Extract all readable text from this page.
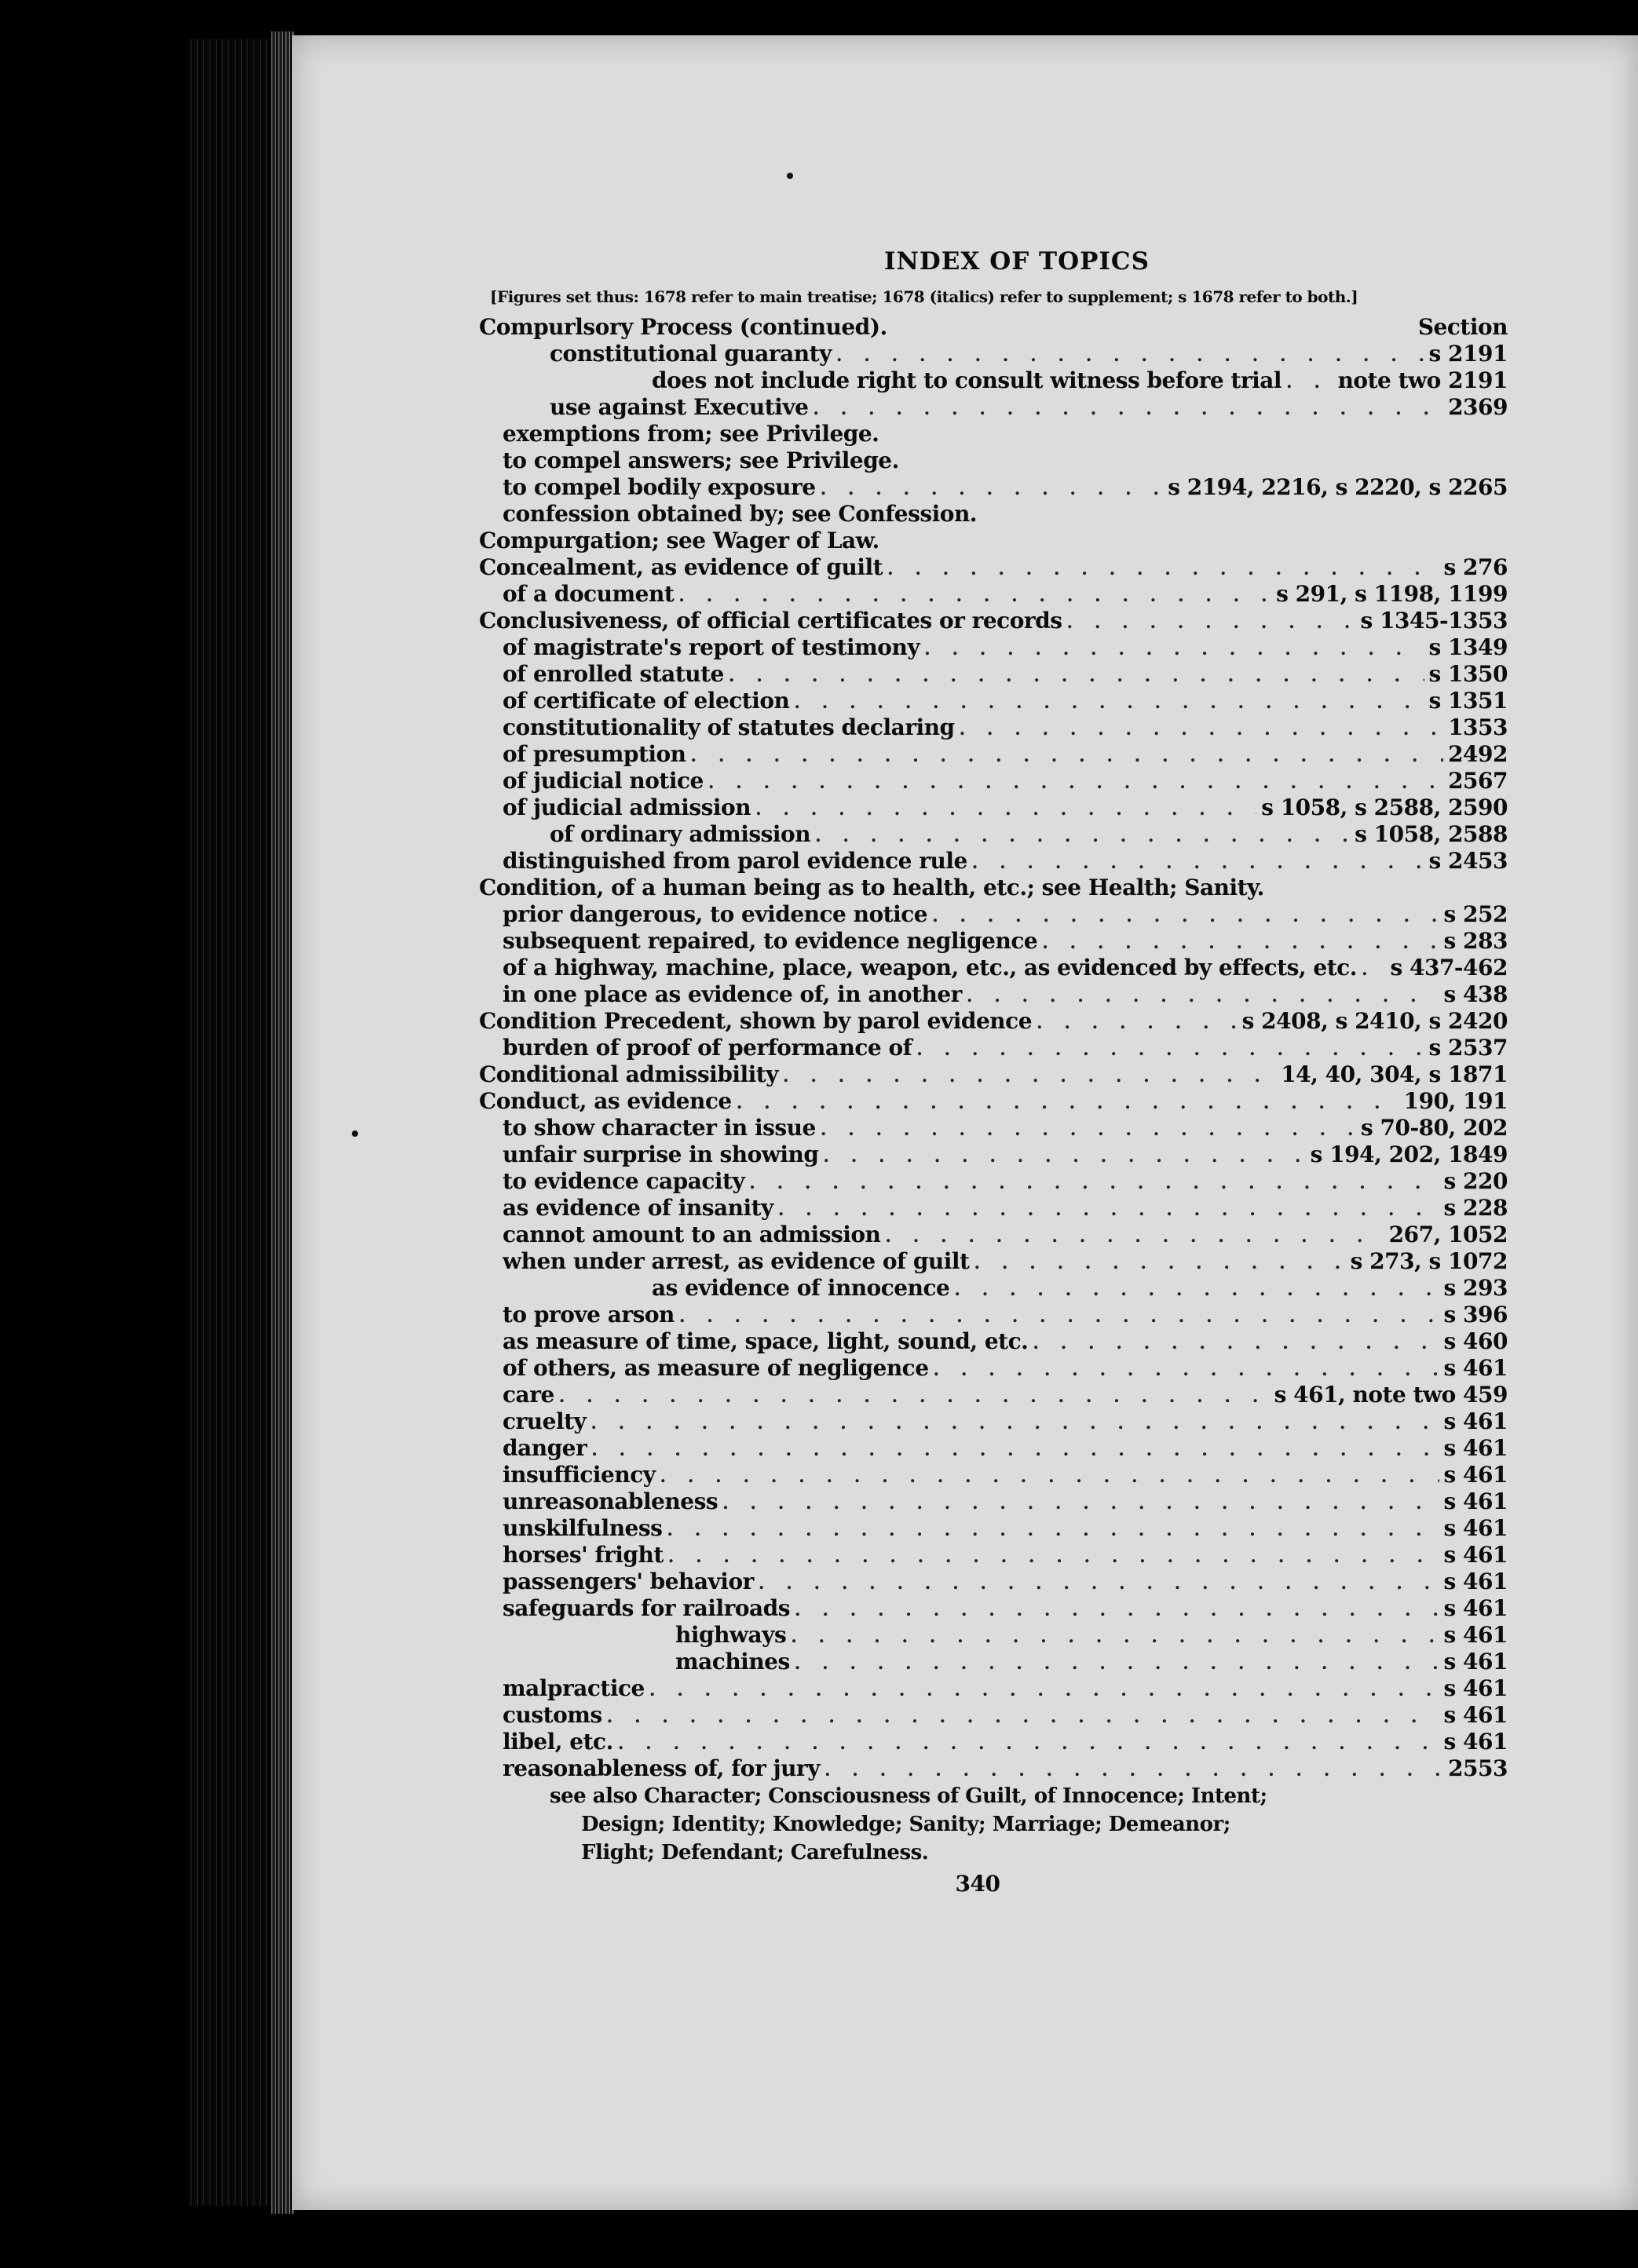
INDEX OF TOPICS
[Figures set thus: 1678 refer to main treatise; 1678 (italics) refer to supplement; s 1678 refer to both.]
Compurlsory Process (continued).	Section
constitutional guaranty . . .	s 2191
does not include right to consult witness before trial . . .	note two 2191
use against Executive . . .	2369
exemptions from; see Privilege.
to compel answers; see Privilege.
to compel bodily exposure . . .	s 2194, 2216, s 2220, s 2265
confession obtained by; see Confession.
Compurgation; see Wager of Law.
Concealment, as evidence of guilt . . .	s 276
of a document . . .	s 291, s 1198, 1199
Conclusiveness, of official certificates or records . . .	s 1345-1353
of magistrate's report of testimony . . .	s 1349
of enrolled statute . . .	s 1350
of certificate of election . . .	s 1351
constitutionality of statutes declaring . . .	1353
of presumption . . .	2492
of judicial notice . . .	2567
of judicial admission . . .	s 1058, s 2588, 2590
of ordinary admission . . .	s 1058, 2588
distinguished from parol evidence rule . . .	s 2453
Condition, of a human being as to health, etc.; see Health; Sanity.
prior dangerous, to evidence notice . . .	s 252
subsequent repaired, to evidence negligence . . .	s 283
of a highway, machine, place, weapon, etc., as evidenced by effects, etc. . . . s 437-462
in one place as evidence of, in another . . .	s 438
Condition Precedent, shown by parol evidence . . .	s 2408, s 2410, s 2420
burden of proof of performance of . . .	s 2537
Conditional admissibility . . .	14, 40, 304, s 1871
Conduct, as evidence . . .	190, 191
to show character in issue . . .	s 70-80, 202
unfair surprise in showing . . .	s 194, 202, 1849
to evidence capacity . . .	s 220
as evidence of insanity . . .	s 228
cannot amount to an admission . . .	267, 1052
when under arrest, as evidence of guilt . . .	s 273, s 1072
as evidence of innocence . . .	s 293
to prove arson . . .	s 396
as measure of time, space, light, sound, etc. . . .	s 460
of others, as measure of negligence . . .	s 461
care . . .	s 461, note two 459
cruelty . . .	s 461
danger . . .	s 461
insufficiency . . .	s 461
unreasonableness . . .	s 461
unskilfulness . . .	s 461
horses' fright . . .	s 461
passengers' behavior . . .	s 461
safeguards for railroads . . .	s 461
highways . . .	s 461
machines . . .	s 461
malpractice . . .	s 461
customs . . .	s 461
libel, etc. . . .	s 461
reasonableness of, for jury . . .	2553
see also Character; Consciousness of Guilt, of Innocence; Intent;
Design; Identity; Knowledge; Sanity; Marriage; Demeanor;
Flight; Defendant; Carefulness.
340
